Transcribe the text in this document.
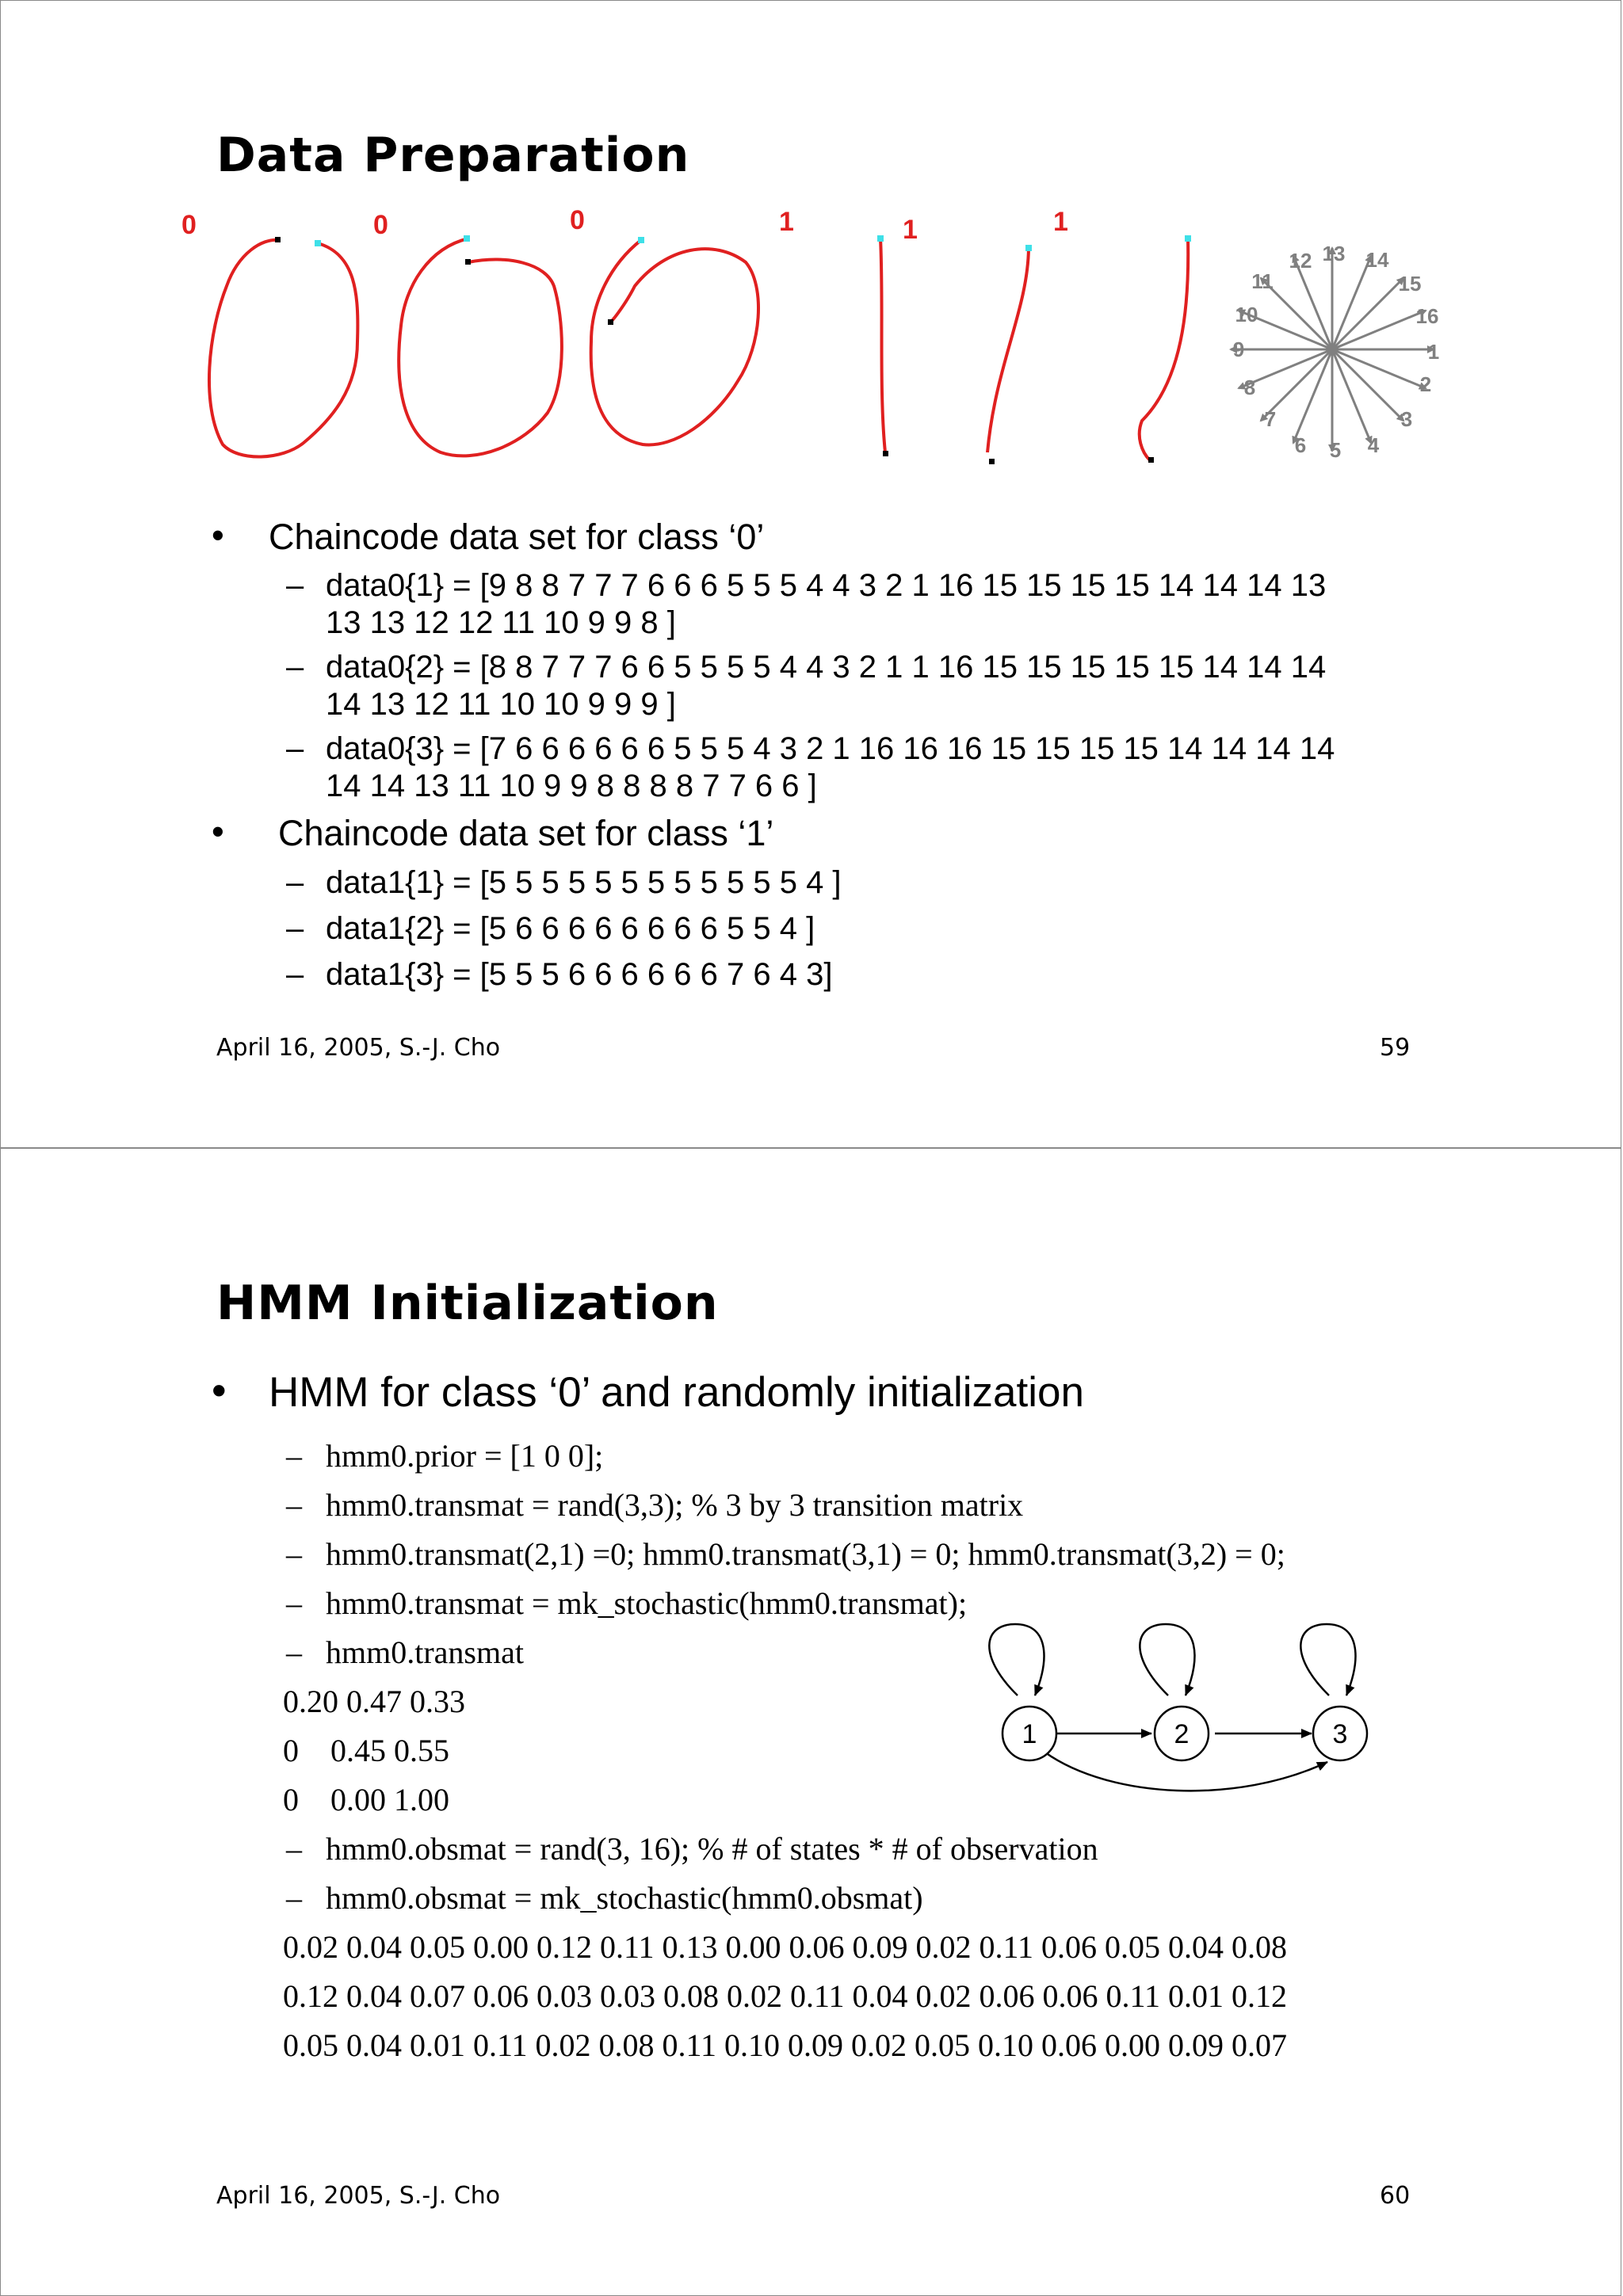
Data Preparation
0	0	0	1	1	1
1
2
3
4
5
6
7
8
9
10
11
12 13 14
15
16
• Chaincode data set for class ‘0’
– data0{1} = [9 8 8 7 7 7 6 6 6 5 5 5 4 4 3 2 1 16 15 15 15 15 14 14 14 13
13 13 12 12 11 10 9 9 8 ]
– data0{2} = [8 8 7 7 7 6 6 5 5 5 5 4 4 3 2 1 1 16 15 15 15 15 15 14 14 14
14 13 12 11 10 10 9 9 9 ]
– data0{3} = [7 6 6 6 6 6 6 5 5 5 4 3 2 1 16 16 16 15 15 15 15 14 14 14 14
14 14 13 11 10 9 9 8 8 8 8 7 7 6 6 ]
• Chaincode data set for class ‘1’
– data1{1} = [5 5 5 5 5 5 5 5 5 5 5 5 4 ]
– data1{2} = [5 6 6 6 6 6 6 6 6 5 5 4 ]
– data1{3} = [5 5 5 6 6 6 6 6 6 7 6 4 3]
April 16, 2005, S.-J. Cho	59
HMM Initialization
• HMM for class ‘0’ and randomly initialization
– hmm0.prior = [1 0 0];
– hmm0.transmat = rand(3,3); % 3 by 3 transition matrix
– hmm0.transmat(2,1) =0; hmm0.transmat(3,1) = 0; hmm0.transmat(3,2) = 0;
– hmm0.transmat = mk_stochastic(hmm0.transmat);
– hmm0.transmat
0.20 0.47 0.33
0    0.45 0.55
0    0.00 1.00
– hmm0.obsmat = rand(3, 16); % # of states * # of observation
– hmm0.obsmat = mk_stochastic(hmm0.obsmat)
0.02 0.04 0.05 0.00 0.12 0.11 0.13 0.00 0.06 0.09 0.02 0.11 0.06 0.05 0.04 0.08
0.12 0.04 0.07 0.06 0.03 0.03 0.08 0.02 0.11 0.04 0.02 0.06 0.06 0.11 0.01 0.12
0.05 0.04 0.01 0.11 0.02 0.08 0.11 0.10 0.09 0.02 0.05 0.10 0.06 0.00 0.09 0.07
1	2	3
April 16, 2005, S.-J. Cho	60
